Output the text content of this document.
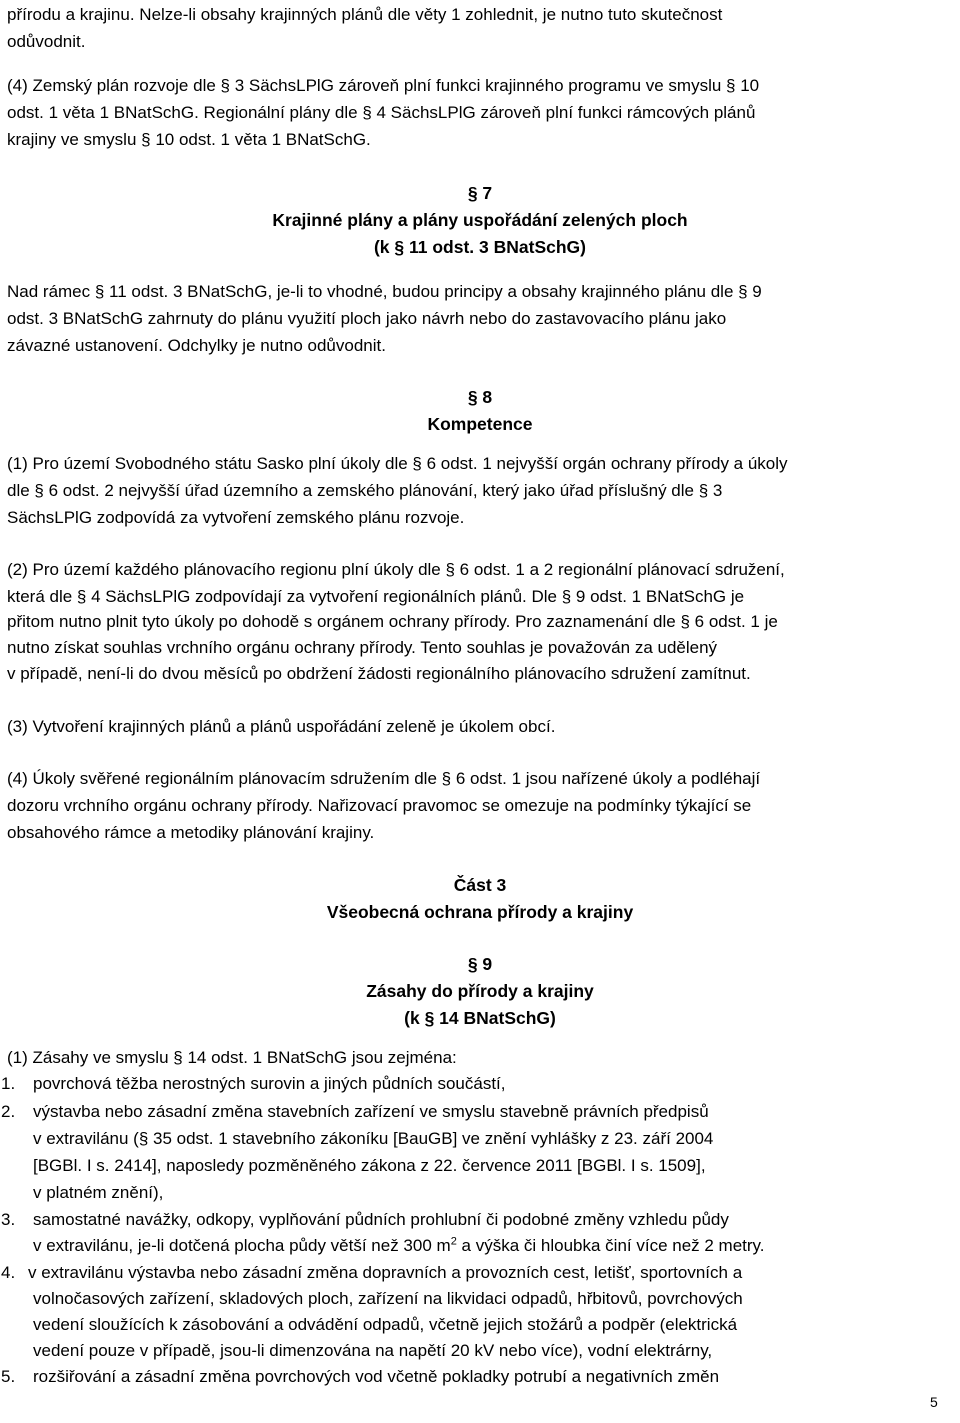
přírodu a krajinu. Nelze-li obsahy krajinných plánů dle věty 1 zohlednit, je nutno tuto skutečnost
odůvodnit.
(4) Zemský plán rozvoje dle § 3 SächsLPlG zároveň plní funkci krajinného programu ve smyslu § 10
odst. 1 věta 1 BNatSchG. Regionální plány dle § 4 SächsLPlG zároveň plní funkci rámcových plánů
krajiny ve smyslu § 10 odst. 1 věta 1 BNatSchG.
§ 7
Krajinné plány a plány uspořádání zelených ploch
(k § 11 odst. 3 BNatSchG)
Nad rámec § 11 odst. 3 BNatSchG, je-li to vhodné, budou principy a obsahy krajinného plánu dle § 9
odst. 3 BNatSchG zahrnuty do plánu využití ploch jako návrh nebo do zastavovacího plánu jako
závazné ustanovení. Odchylky je nutno odůvodnit.
§ 8
Kompetence
(1) Pro území Svobodného státu Sasko plní úkoly dle § 6 odst. 1 nejvyšší orgán ochrany přírody a úkoly
dle § 6 odst. 2 nejvyšší úřad územního a zemského plánování, který jako úřad příslušný dle § 3
SächsLPlG zodpovídá za vytvoření zemského plánu rozvoje.
(2) Pro území každého plánovacího regionu plní úkoly dle § 6 odst. 1 a 2 regionální plánovací sdružení,
která dle § 4 SächsLPlG zodpovídají za vytvoření regionálních plánů. Dle § 9 odst. 1 BNatSchG je
přitom nutno plnit tyto úkoly po dohodě s orgánem ochrany přírody. Pro zaznamenání dle § 6 odst. 1 je
nutno získat souhlas vrchního orgánu ochrany přírody. Tento souhlas je považován za udělený
v případě, není-li do dvou měsíců po obdržení žádosti regionálního plánovacího sdružení zamítnut.
(3) Vytvoření krajinných plánů a plánů uspořádání zeleně je úkolem obcí.
(4) Úkoly svěřené regionálním plánovacím sdružením dle § 6 odst. 1 jsou nařízené úkoly a podléhají
dozoru vrchního orgánu ochrany přírody. Nařizovací pravomoc se omezuje na podmínky týkající se
obsahového rámce a metodiky plánování krajiny.
Část 3
Všeobecná ochrana přírody a krajiny
§ 9
Zásahy do přírody a krajiny
(k § 14 BNatSchG)
(1) Zásahy ve smyslu § 14 odst. 1 BNatSchG jsou zejména:
1.	povrchová těžba nerostných surovin a jiných půdních součástí,
2.	výstavba nebo zásadní změna stavebních zařízení ve smyslu stavebně právních předpisů
v extravilánu (§ 35 odst. 1 stavebního zákoníku [BauGB] ve znění vyhlášky z 23. září 2004
[BGBl. I s. 2414], naposledy pozměněného zákona z 22. července 2011 [BGBl. I s. 1509],
v platném znění),
3.	samostatné navážky, odkopy, vyplňování půdních prohlubní či podobné změny vzhledu půdy
v extravilánu, je-li dotčená plocha půdy větší než 300 $m^2$ a výška či hloubka činí více než 2 metry.
4. v extravilánu výstavba nebo zásadní změna dopravních a provozních cest, letišť, sportovních a
volnočasových zařízení, skladových ploch, zařízení na likvidaci odpadů, hřbitovů, povrchových
vedení sloužících k zásobování a odvádění odpadů, včetně jejich stožárů a podpěr (elektrická
vedení pouze v případě, jsou-li dimenzována na napětí 20 kV nebo více), vodní elektrárny,
5.	rozšiřování a zásadní změna povrchových vod včetně pokladky potrubí a negativních změn
5
